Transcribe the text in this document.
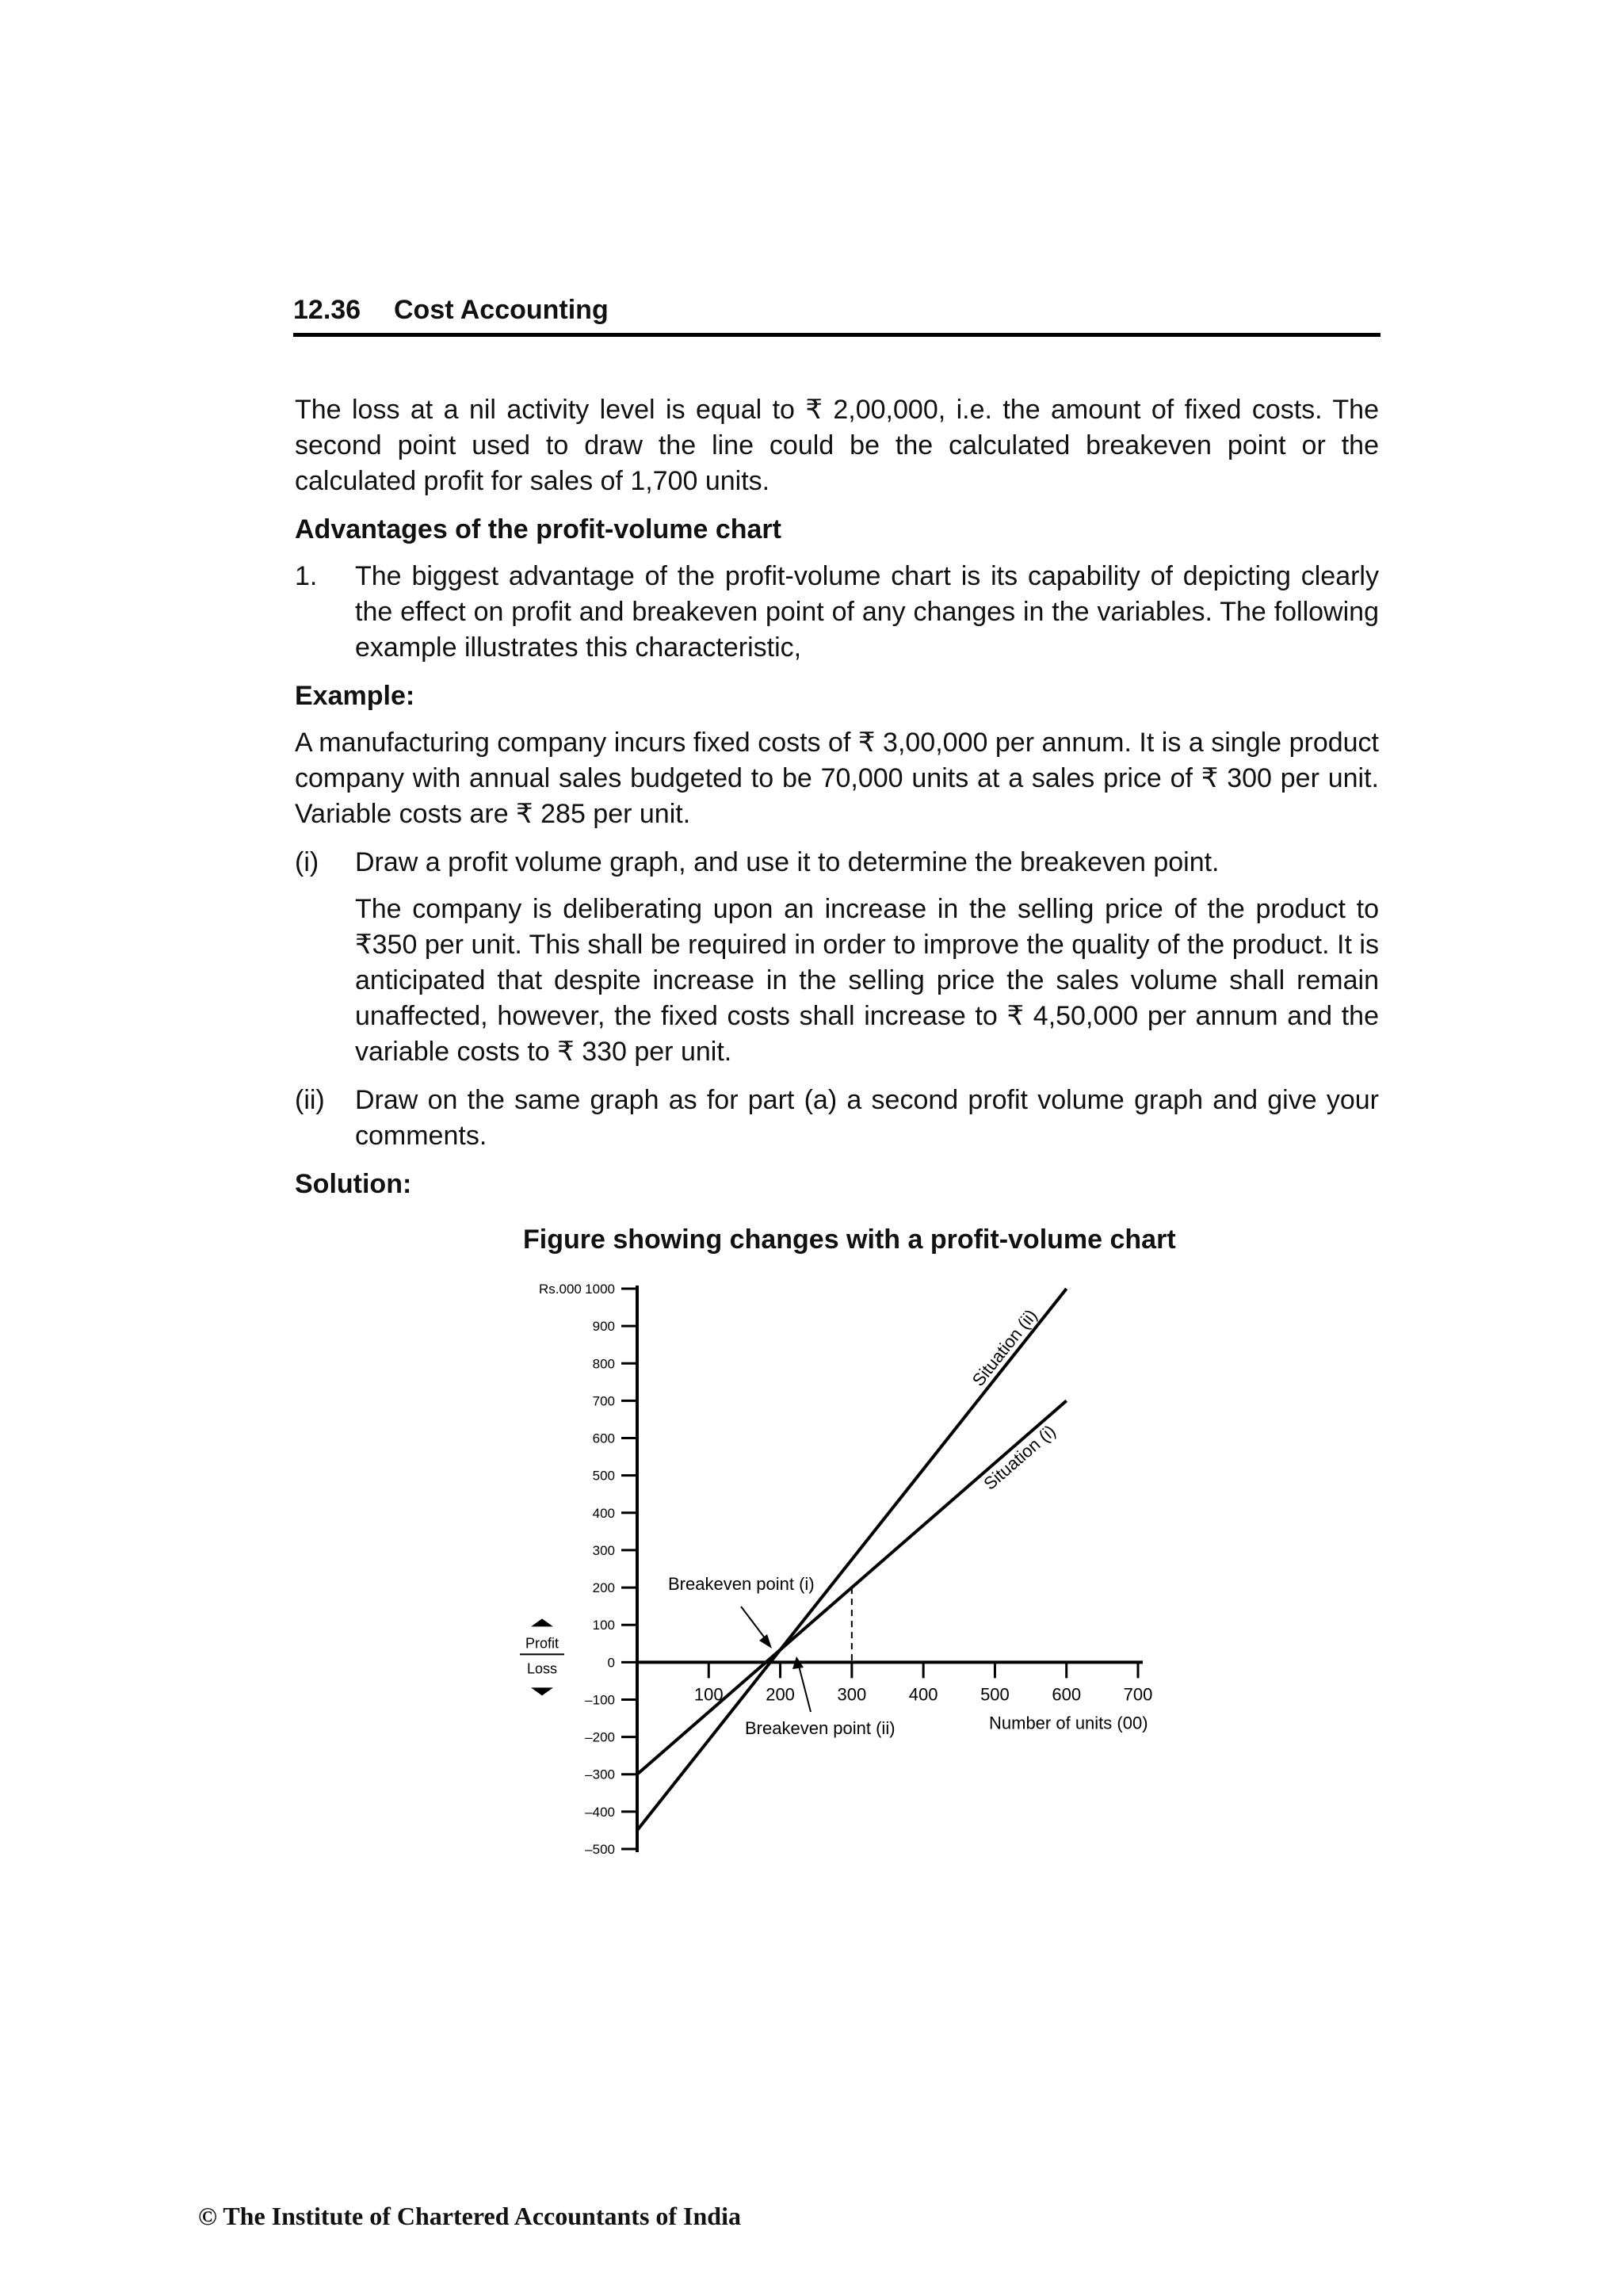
12.36 Cost Accounting

The loss at a nil activity level is equal to ₹ 2,00,000, i.e. the amount of fixed costs. The second point used to draw the line could be the calculated breakeven point or the calculated profit for sales of 1,700 units.

Advantages of the profit-volume chart
1. The biggest advantage of the profit-volume chart is its capability of depicting clearly the effect on profit and breakeven point of any changes in the variables. The following example illustrates this characteristic,
Example:

A manufacturing company incurs fixed costs of ₹ 3,00,000 per annum. It is a single product company with annual sales budgeted to be 70,000 units at a sales price of ₹ 300 per unit. Variable costs are ₹ 285 per unit.

(i) Draw a profit volume graph, and use it to determine the breakeven point.
The company is deliberating upon an increase in the selling price of the product to ₹350 per unit. This shall be required in order to improve the quality of the product. It is anticipated that despite increase in the selling price the sales volume shall remain unaffected, however, the fixed costs shall increase to ₹ 4,50,000 per annum and the variable costs to ₹ 330 per unit.
(ii) Draw on the same graph as for part (a) a second profit volume graph and give your comments.
Solution:
Figure showing changes with a profit-volume chart
1000
900
800
700
600
500
400
300
200
100
0
–100
–200
–300
–400
–500
Rs.000
100 200 300 400 500 600 700
Number of units (00)
Profit
Loss
Situation (i)
Situation (ii)
Breakeven point (i)
Breakeven point (ii)
© The Institute of Chartered Accountants of India
